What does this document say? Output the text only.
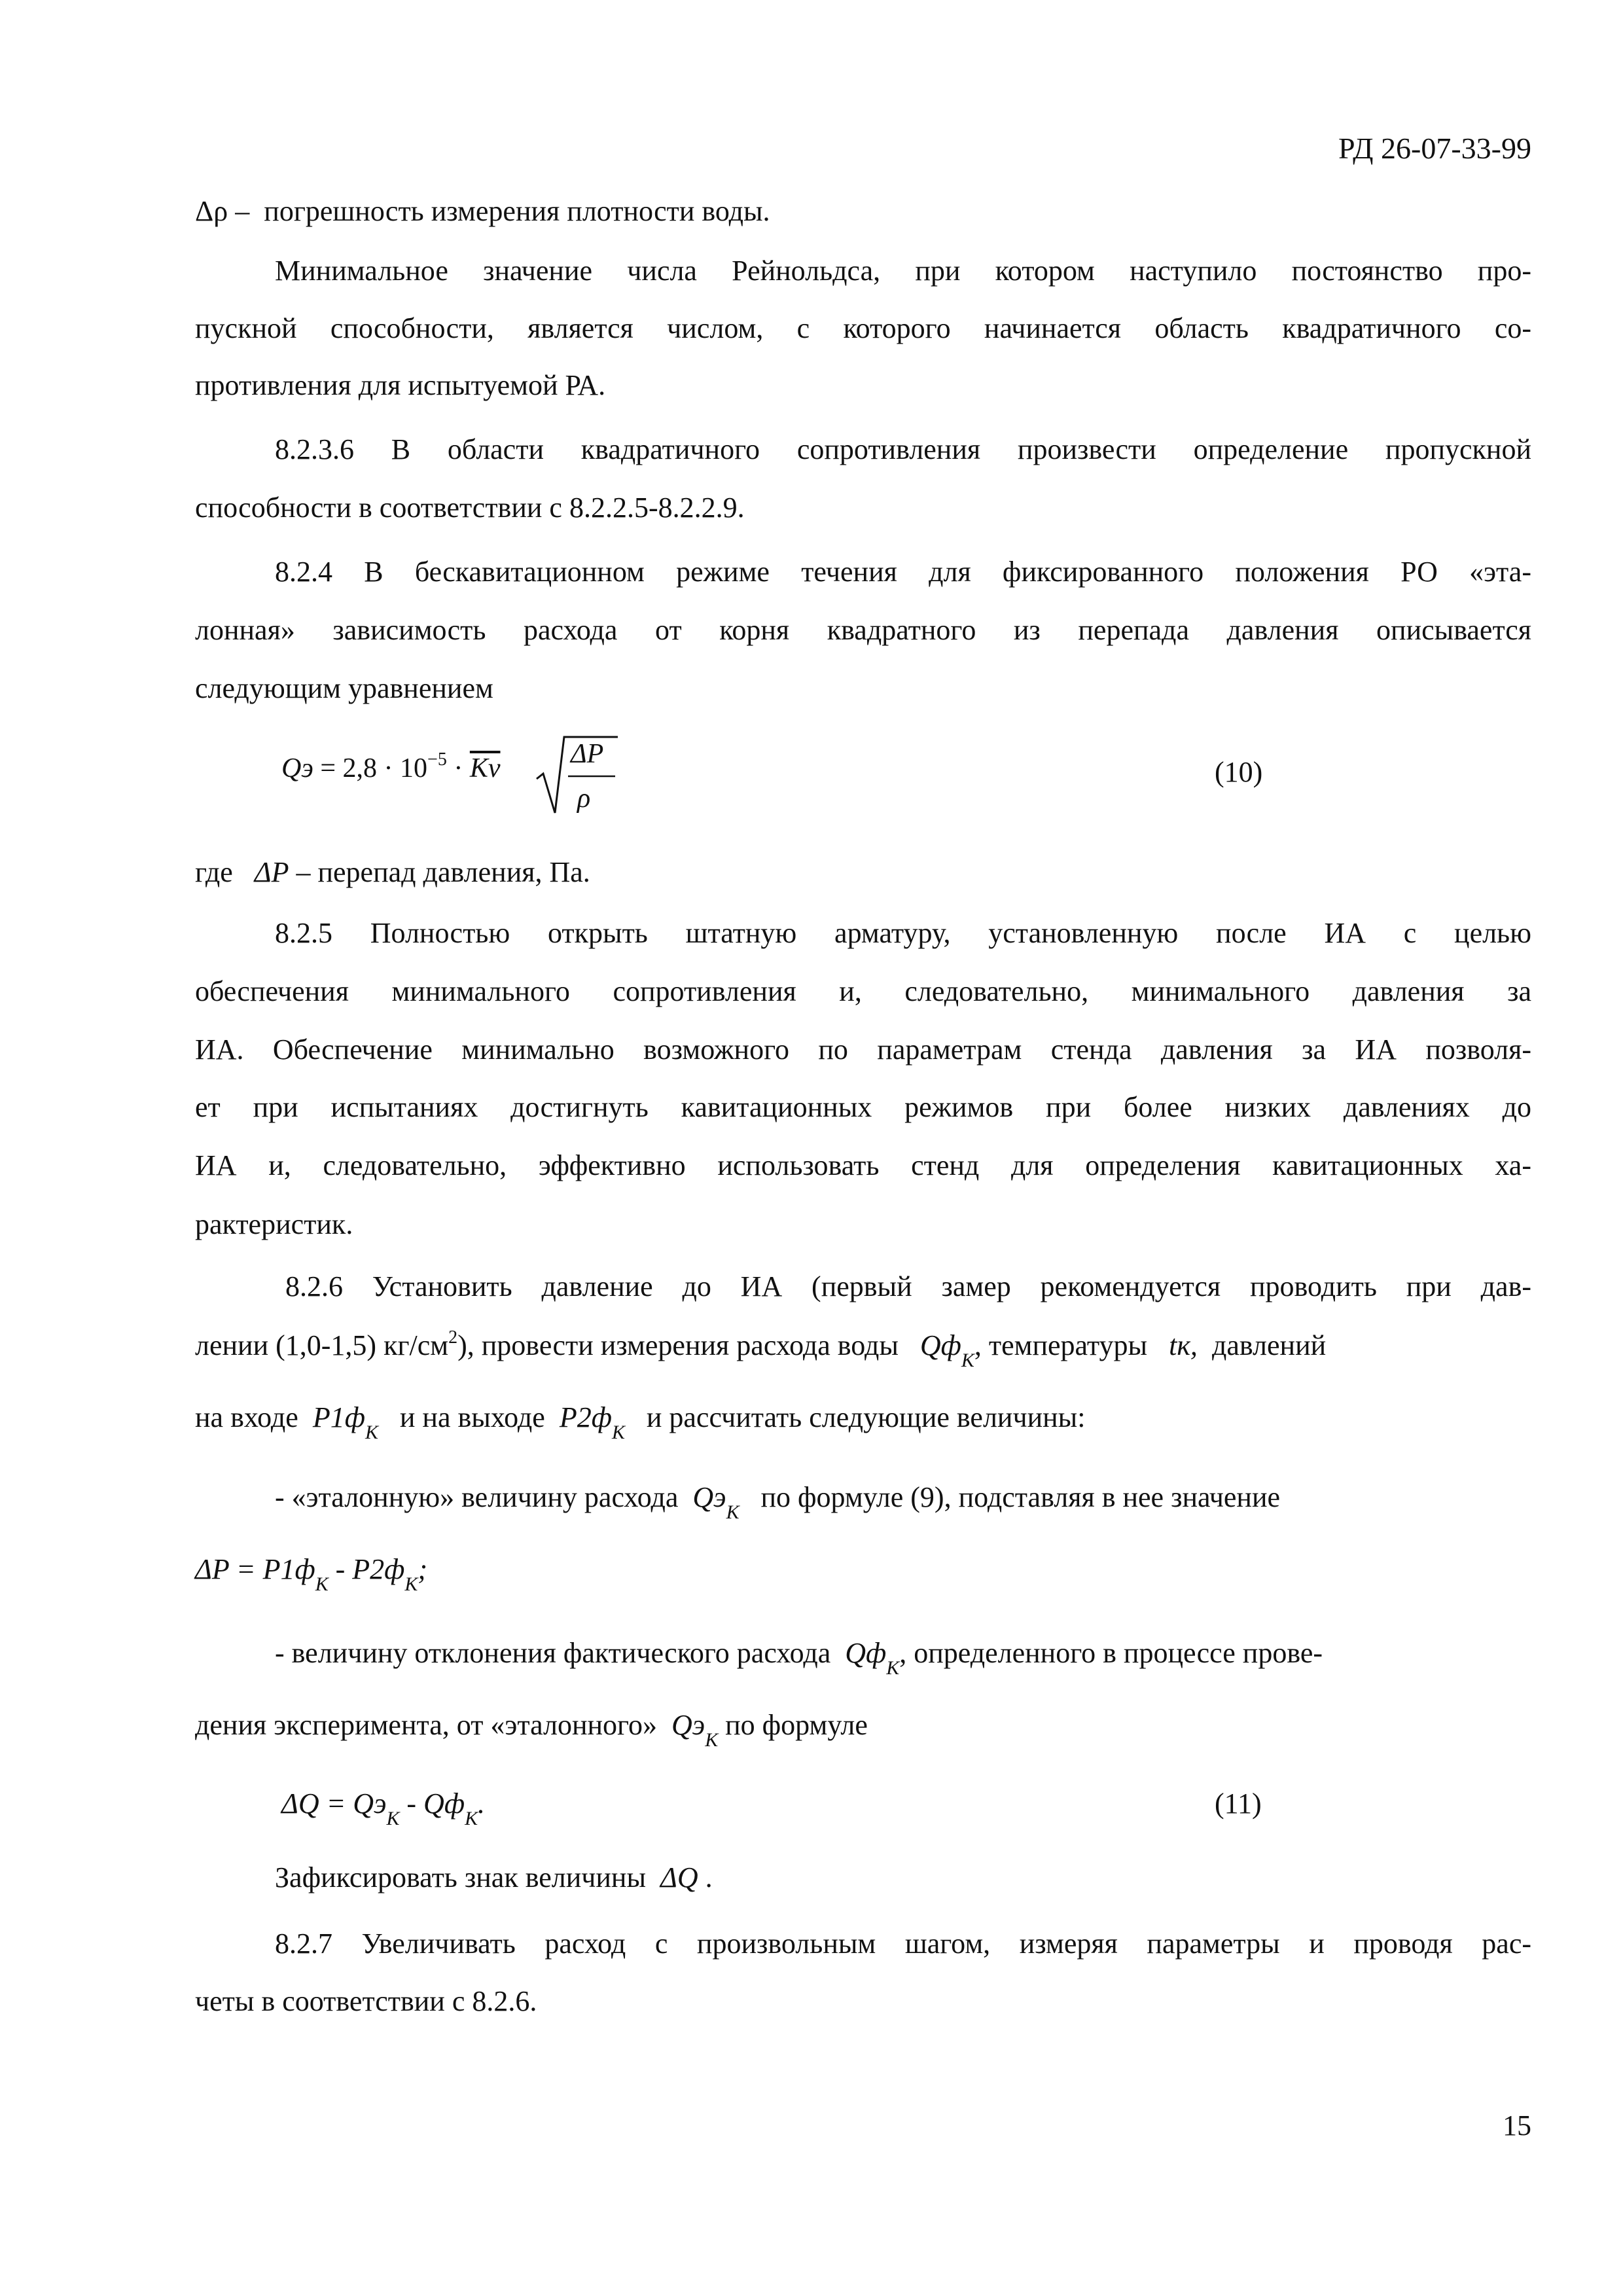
РД 26-07-33-99
Δρ – погрешность измерения плотности воды.
Минимальное значение числа Рейнольдса, при котором наступило постоянство про-
пускной способности, является числом, с которого начинается область квадратичного со-
противления для испытуемой РА.
8.2.3.6 В области квадратичного сопротивления произвести определение пропускной
способности в соответствии с 8.2.2.5-8.2.2.9.
8.2.4 В бескавитационном режиме течения для фиксированного положения РО «эта-
лонная» зависимость расхода от корня квадратного из перепада давления описывается
следующим уравнением
Qэ = $2,8 \cdot 10^{-5} \cdot \overline{Kv}$	ΔP
ρ
(10)
где ΔP – перепад давления, Па.
8.2.5 Полностью открыть штатную арматуру, установленную после ИА с целью
обеспечения минимального сопротивления и, следовательно, минимального давления за
ИА. Обеспечение минимально возможного по параметрам стенда давления за ИА позволя-
ет при испытаниях достигнуть кавитационных режимов при более низких давлениях до
ИА и, следовательно, эффективно использовать стенд для определения кавитационных ха-
рактеристик.
8.2.6 Установить давление до ИА (первый замер рекомендуется проводить при дав-
лении (1,0-1,5) $кг/см^2$), провести измерения расхода воды $Qф_К$, температуры tк, давлений
на входе $P1ф_К$ и на выходе $P2ф_К$ и рассчитать следующие величины:
- «эталонную» величину расхода $Qэ_К$ по формуле (9), подставляя в нее значение
$\Delta P = P1ф_К - P2ф_К$;
- величину отклонения фактического расхода $Qф_К$, определенного в процессе прове-
дения эксперимента, от «эталонного» $Qэ_К$ по формуле
$\Delta Q = Qэ_К - Qф_К$.	(11)
Зафиксировать знак величины ΔQ .
8.2.7 Увеличивать расход с произвольным шагом, измеряя параметры и проводя рас-
четы в соответствии с 8.2.6.
15
